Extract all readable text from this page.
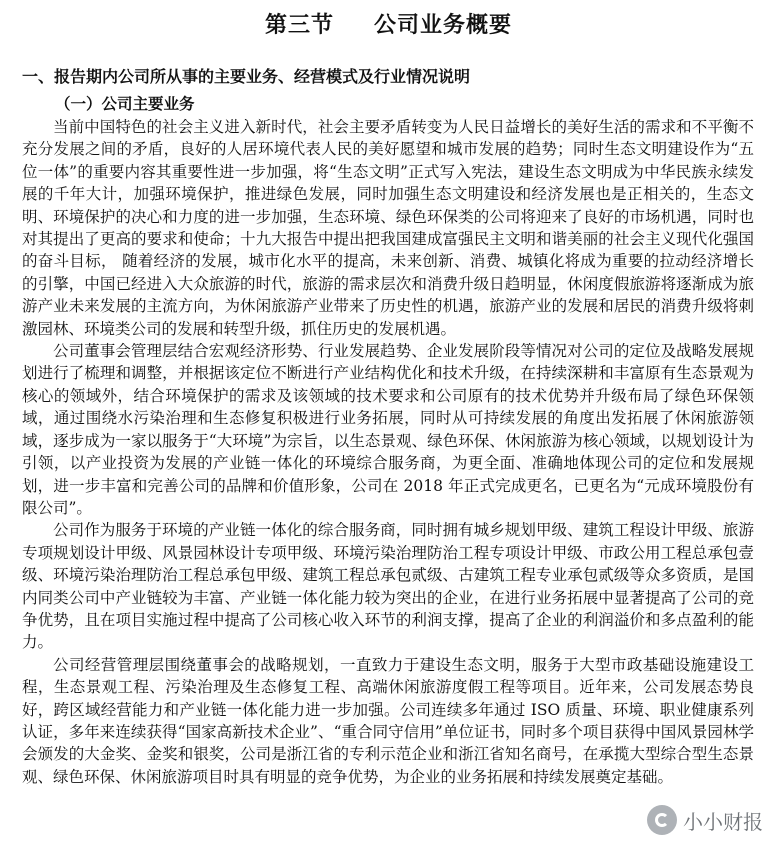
第三节 公司业务概要
一、报告期内公司所从事的主要业务、经营模式及行业情况说明
（一）公司主要业务

当前中国特色的社会主义进入新时代，社会主要矛盾转变为人民日益增长的美好生活的需求和不平衡不充分发展之间的矛盾，良好的人居环境代表人民的美好愿望和城市发展的趋势；同时生态文明建设作为“五位一体”的重要内容其重要性进一步加强，将“生态文明”正式写入宪法，建设生态文明成为中华民族永续发展的千年大计，加强环境保护，推进绿色发展，同时加强生态文明建设和经济发展也是正相关的，生态文明、环境保护的决心和力度的进一步加强，生态环境、绿色环保类的公司将迎来了良好的市场机遇，同时也对其提出了更高的要求和使命；十九大报告中提出把我国建成富强民主文明和谐美丽的社会主义现代化强国的奋斗目标， 随着经济的发展，城市化水平的提高，未来创新、消费、城镇化将成为重要的拉动经济增长的引擎，中国已经进入大众旅游的时代，旅游的需求层次和消费升级日趋明显，休闲度假旅游将逐渐成为旅游产业未来发展的主流方向，为休闲旅游产业带来了历史性的机遇，旅游产业的发展和居民的消费升级将刺激园林、环境类公司的发展和转型升级，抓住历史的发展机遇。

公司董事会管理层结合宏观经济形势、行业发展趋势、企业发展阶段等情况对公司的定位及战略发展规划进行了梳理和调整，并根据该定位不断进行产业结构优化和技术升级，在持续深耕和丰富原有生态景观为核心的领域外，结合环境保护的需求及该领域的技术要求和公司原有的技术优势并升级布局了绿色环保领域，通过围绕水污染治理和生态修复积极进行业务拓展，同时从可持续发展的角度出发拓展了休闲旅游领域，逐步成为一家以服务于“大环境”为宗旨，以生态景观、绿色环保、休闲旅游为核心领域，以规划设计为引领，以产业投资为发展的产业链一体化的环境综合服务商，为更全面、准确地体现公司的定位和发展规划，进一步丰富和完善公司的品牌和价值形象，公司在 2018 年正式完成更名，已更名为“元成环境股份有限公司”。

公司作为服务于环境的产业链一体化的综合服务商，同时拥有城乡规划甲级、建筑工程设计甲级、旅游专项规划设计甲级、风景园林设计专项甲级、环境污染治理防治工程专项设计甲级、市政公用工程总承包壹级、环境污染治理防治工程总承包甲级、建筑工程总承包贰级、古建筑工程专业承包贰级等众多资质，是国内同类公司中产业链较为丰富、产业链一体化能力较为突出的企业，在进行业务拓展中显著提高了公司的竞争优势，且在项目实施过程中提高了公司核心收入环节的利润支撑，提高了企业的利润溢价和多点盈利的能力。

公司经营管理层围绕董事会的战略规划，一直致力于建设生态文明，服务于大型市政基础设施建设工程，生态景观工程、污染治理及生态修复工程、高端休闲旅游度假工程等项目。近年来，公司发展态势良好，跨区域经营能力和产业链一体化能力进一步加强。公司连续多年通过 ISO 质量、环境、职业健康系列认证，多年来连续获得“国家高新技术企业”、“重合同守信用”单位证书，同时多个项目获得中国风景园林学会颁发的大金奖、金奖和银奖，公司是浙江省的专利示范企业和浙江省知名商号，在承揽大型综合型生态景观、绿色环保、休闲旅游项目时具有明显的竞争优势，为企业的业务拓展和持续发展奠定基础。

小小财报
